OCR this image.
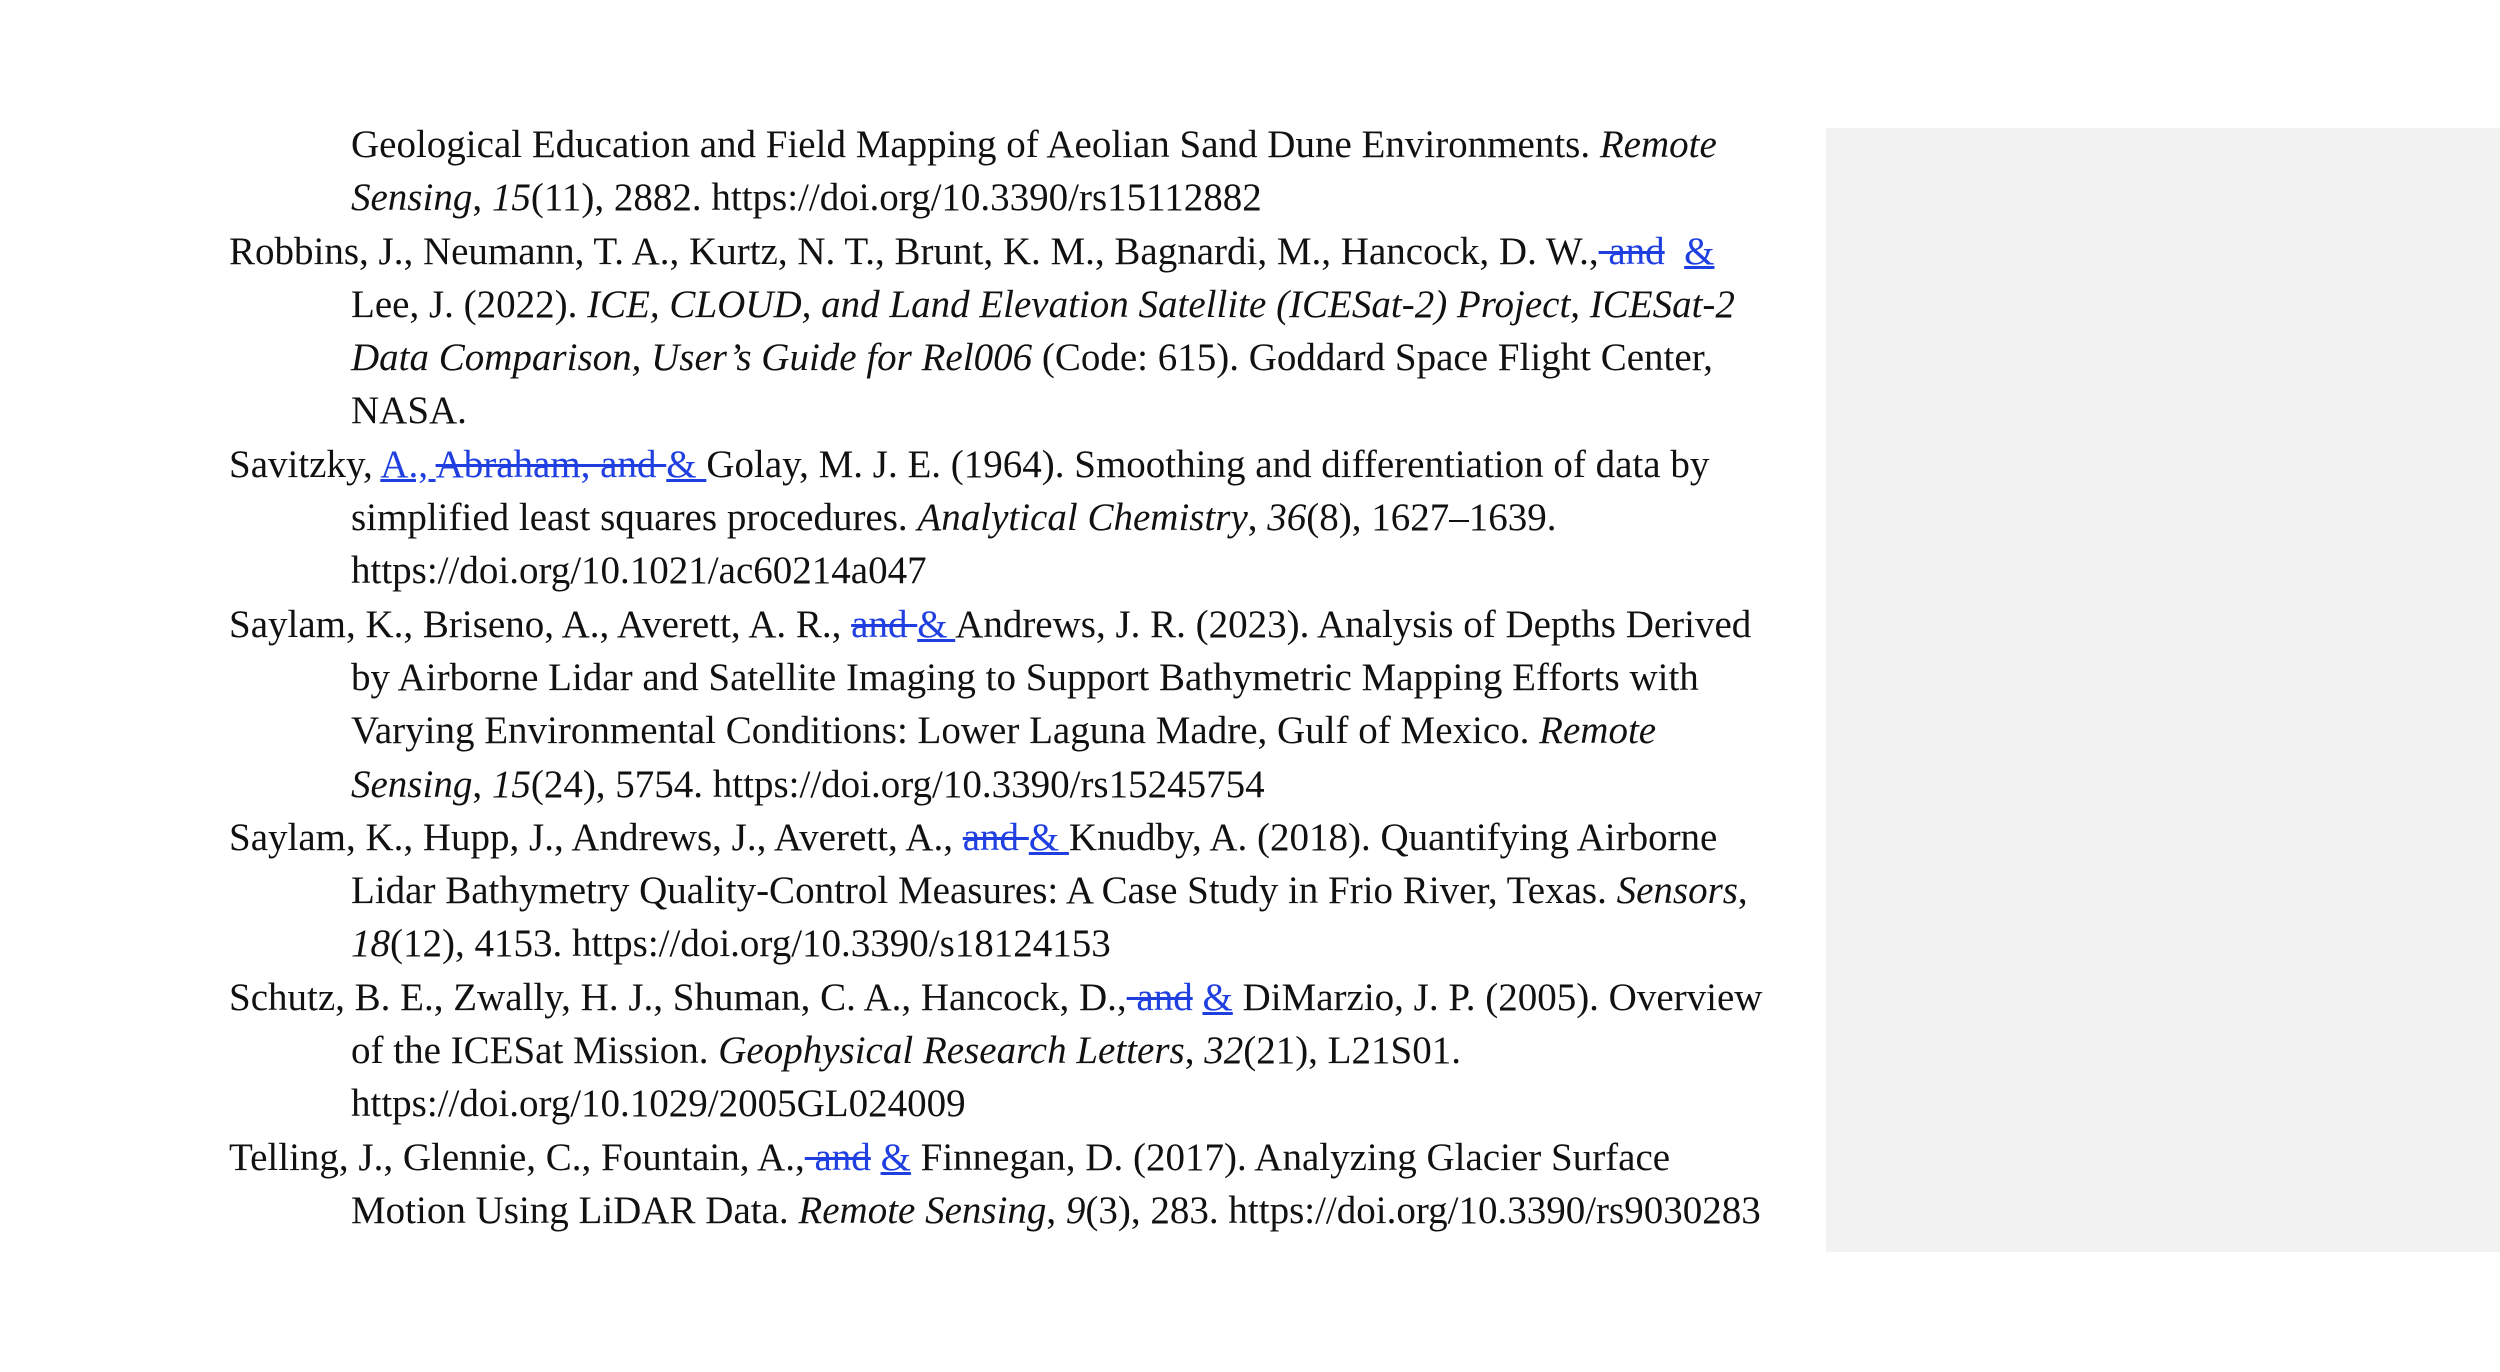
Geological Education and Field Mapping of Aeolian Sand Dune Environments. Remote Sensing, 15(11), 2882. https://doi.org/10.3390/rs15112882

Robbins, J., Neumann, T. A., Kurtz, N. T., Brunt, K. M., Bagnardi, M., Hancock, D. W., and & Lee, J. (2022). ICE, CLOUD, and Land Elevation Satellite (ICESat-2) Project, ICESat-2 Data Comparison, User’s Guide for Rel006 (Code: 615). Goddard Space Flight Center, NASA.

Savitzky, A., Abraham, and & Golay, M. J. E. (1964). Smoothing and differentiation of data by simplified least squares procedures. Analytical Chemistry, 36(8), 1627–1639. https://doi.org/10.1021/ac60214a047

Saylam, K., Briseno, A., Averett, A. R., and & Andrews, J. R. (2023). Analysis of Depths Derived by Airborne Lidar and Satellite Imaging to Support Bathymetric Mapping Efforts with Varying Environmental Conditions: Lower Laguna Madre, Gulf of Mexico. Remote Sensing, 15(24), 5754. https://doi.org/10.3390/rs15245754

Saylam, K., Hupp, J., Andrews, J., Averett, A., and & Knudby, A. (2018). Quantifying Airborne Lidar Bathymetry Quality-Control Measures: A Case Study in Frio River, Texas. Sensors, 18(12), 4153. https://doi.org/10.3390/s18124153

Schutz, B. E., Zwally, H. J., Shuman, C. A., Hancock, D., and & DiMarzio, J. P. (2005). Overview of the ICESat Mission. Geophysical Research Letters, 32(21), L21S01. https://doi.org/10.1029/2005GL024009

Telling, J., Glennie, C., Fountain, A., and & Finnegan, D. (2017). Analyzing Glacier Surface Motion Using LiDAR Data. Remote Sensing, 9(3), 283. https://doi.org/10.3390/rs9030283
